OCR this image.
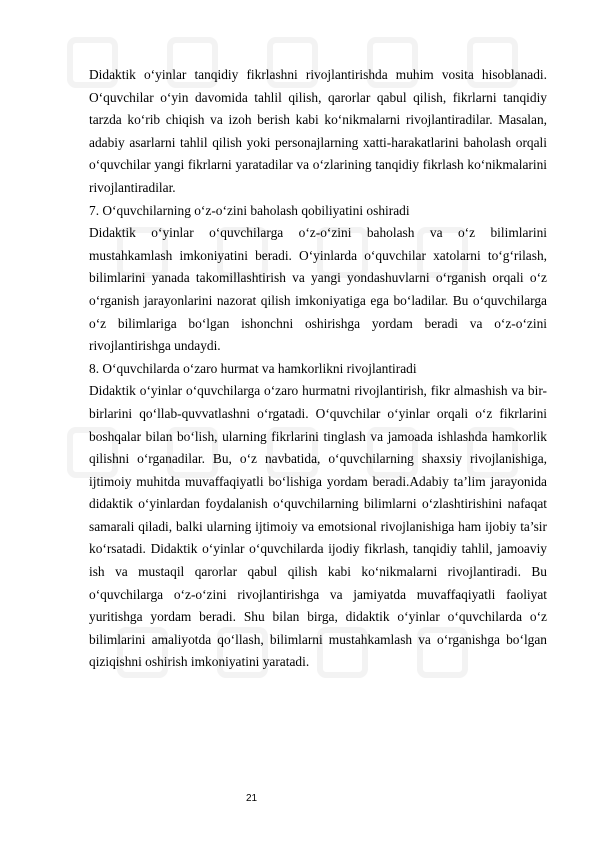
Didaktik o‘yinlar tanqidiy fikrlashni rivojlantirishda muhim vosita hisoblanadi. O‘quvchilar o‘yin davomida tahlil qilish, qarorlar qabul qilish, fikrlarni tanqidiy tarzda ko‘rib chiqish va izoh berish kabi ko‘nikmalarni rivojlantiradilar. Masalan, adabiy asarlarni tahlil qilish yoki personajlarning xatti-harakatlarini baholash orqali o‘quvchilar yangi fikrlarni yaratadilar va o‘zlarining tanqidiy fikrlash ko‘nikmalarini rivojlantiradilar.

7. O‘quvchilarning o‘z-o‘zini baholash qobiliyatini oshiradi

Didaktik o‘yinlar o‘quvchilarga o‘z-o‘zini baholash va o‘z bilimlarini mustahkamlash imkoniyatini beradi. O‘yinlarda o‘quvchilar xatolarni to‘g‘rilash, bilimlarini yanada takomillashtirish va yangi yondashuvlarni o‘rganish orqali o‘z o‘rganish jarayonlarini nazorat qilish imkoniyatiga ega bo‘ladilar. Bu o‘quvchilarga o‘z bilimlariga bo‘lgan ishonchni oshirishga yordam beradi va o‘z-o‘zini rivojlantirishga undaydi.

8. O‘quvchilarda o‘zaro hurmat va hamkorlikni rivojlantiradi

Didaktik o‘yinlar o‘quvchilarga o‘zaro hurmatni rivojlantirish, fikr almashish va bir-birlarini qo‘llab-quvvatlashni o‘rgatadi. O‘quvchilar o‘yinlar orqali o‘z fikrlarini boshqalar bilan bo‘lish, ularning fikrlarini tinglash va jamoada ishlashda hamkorlik qilishni o‘rganadilar. Bu, o‘z navbatida, o‘quvchilarning shaxsiy rivojlanishiga, ijtimoiy muhitda muvaffaqiyatli bo‘lishiga yordam beradi.Adabiy ta’lim jarayonida didaktik o‘yinlardan foydalanish o‘quvchilarning bilimlarni o‘zlashtirishini nafaqat samarali qiladi, balki ularning ijtimoiy va emotsional rivojlanishiga ham ijobiy ta’sir ko‘rsatadi. Didaktik o‘yinlar o‘quvchilarda ijodiy fikrlash, tanqidiy tahlil, jamoaviy ish va mustaqil qarorlar qabul qilish kabi ko‘nikmalarni rivojlantiradi. Bu o‘quvchilarga o‘z-o‘zini rivojlantirishga va jamiyatda muvaffaqiyatli faoliyat yuritishga yordam beradi. Shu bilan birga, didaktik o‘yinlar o‘quvchilarda o‘z bilimlarini amaliyotda qo‘llash, bilimlarni mustahkamlash va o‘rganishga bo‘lgan qiziqishni oshirish imkoniyatini yaratadi.

21
